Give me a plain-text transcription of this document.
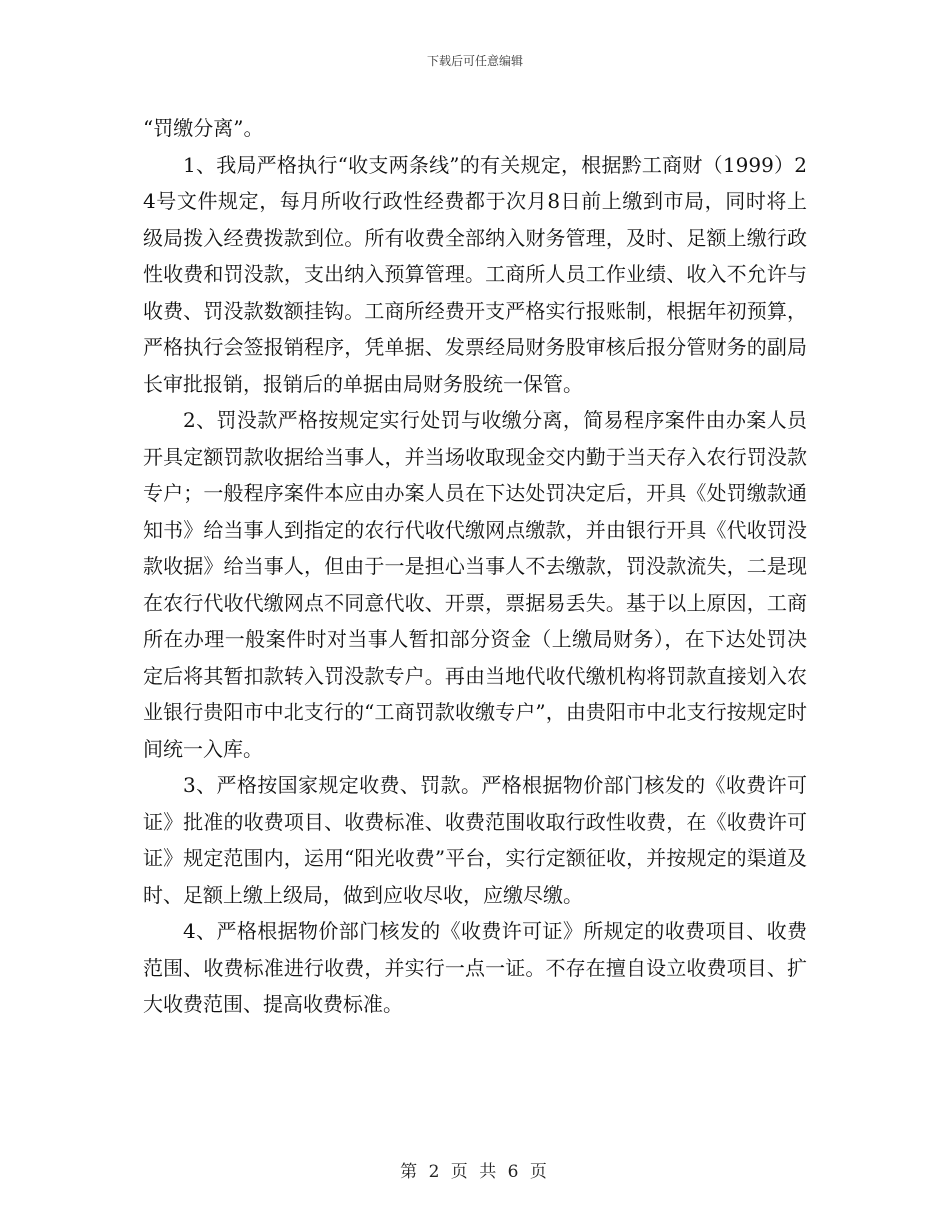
下载后可任意编辑

“罚缴分离”。

1、我局严格执行“收支两条线”的有关规定，根据黔工商财（1999）24号文件规定，每月所收行政性经费都于次月8日前上缴到市局，同时将上级局拨入经费拨款到位。所有收费全部纳入财务管理，及时、足额上缴行政性收费和罚没款，支出纳入预算管理。工商所人员工作业绩、收入不允许与收费、罚没款数额挂钩。工商所经费开支严格实行报账制，根据年初预算，严格执行会签报销程序，凭单据、发票经局财务股审核后报分管财务的副局长审批报销，报销后的单据由局财务股统一保管。

2、罚没款严格按规定实行处罚与收缴分离，简易程序案件由办案人员开具定额罚款收据给当事人，并当场收取现金交内勤于当天存入农行罚没款专户；一般程序案件本应由办案人员在下达处罚决定后，开具《处罚缴款通知书》给当事人到指定的农行代收代缴网点缴款，并由银行开具《代收罚没款收据》给当事人，但由于一是担心当事人不去缴款，罚没款流失，二是现在农行代收代缴网点不同意代收、开票，票据易丢失。基于以上原因，工商所在办理一般案件时对当事人暂扣部分资金（上缴局财务），在下达处罚决定后将其暂扣款转入罚没款专户。再由当地代收代缴机构将罚款直接划入农业银行贵阳市中北支行的“工商罚款收缴专户”，由贵阳市中北支行按规定时间统一入库。

3、严格按国家规定收费、罚款。严格根据物价部门核发的《收费许可证》批准的收费项目、收费标准、收费范围收取行政性收费，在《收费许可证》规定范围内，运用“阳光收费”平台，实行定额征收，并按规定的渠道及时、足额上缴上级局，做到应收尽收，应缴尽缴。

4、严格根据物价部门核发的《收费许可证》所规定的收费项目、收费范围、收费标准进行收费，并实行一点一证。不存在擅自设立收费项目、扩大收费范围、提高收费标准。

第 2 页 共 6 页
